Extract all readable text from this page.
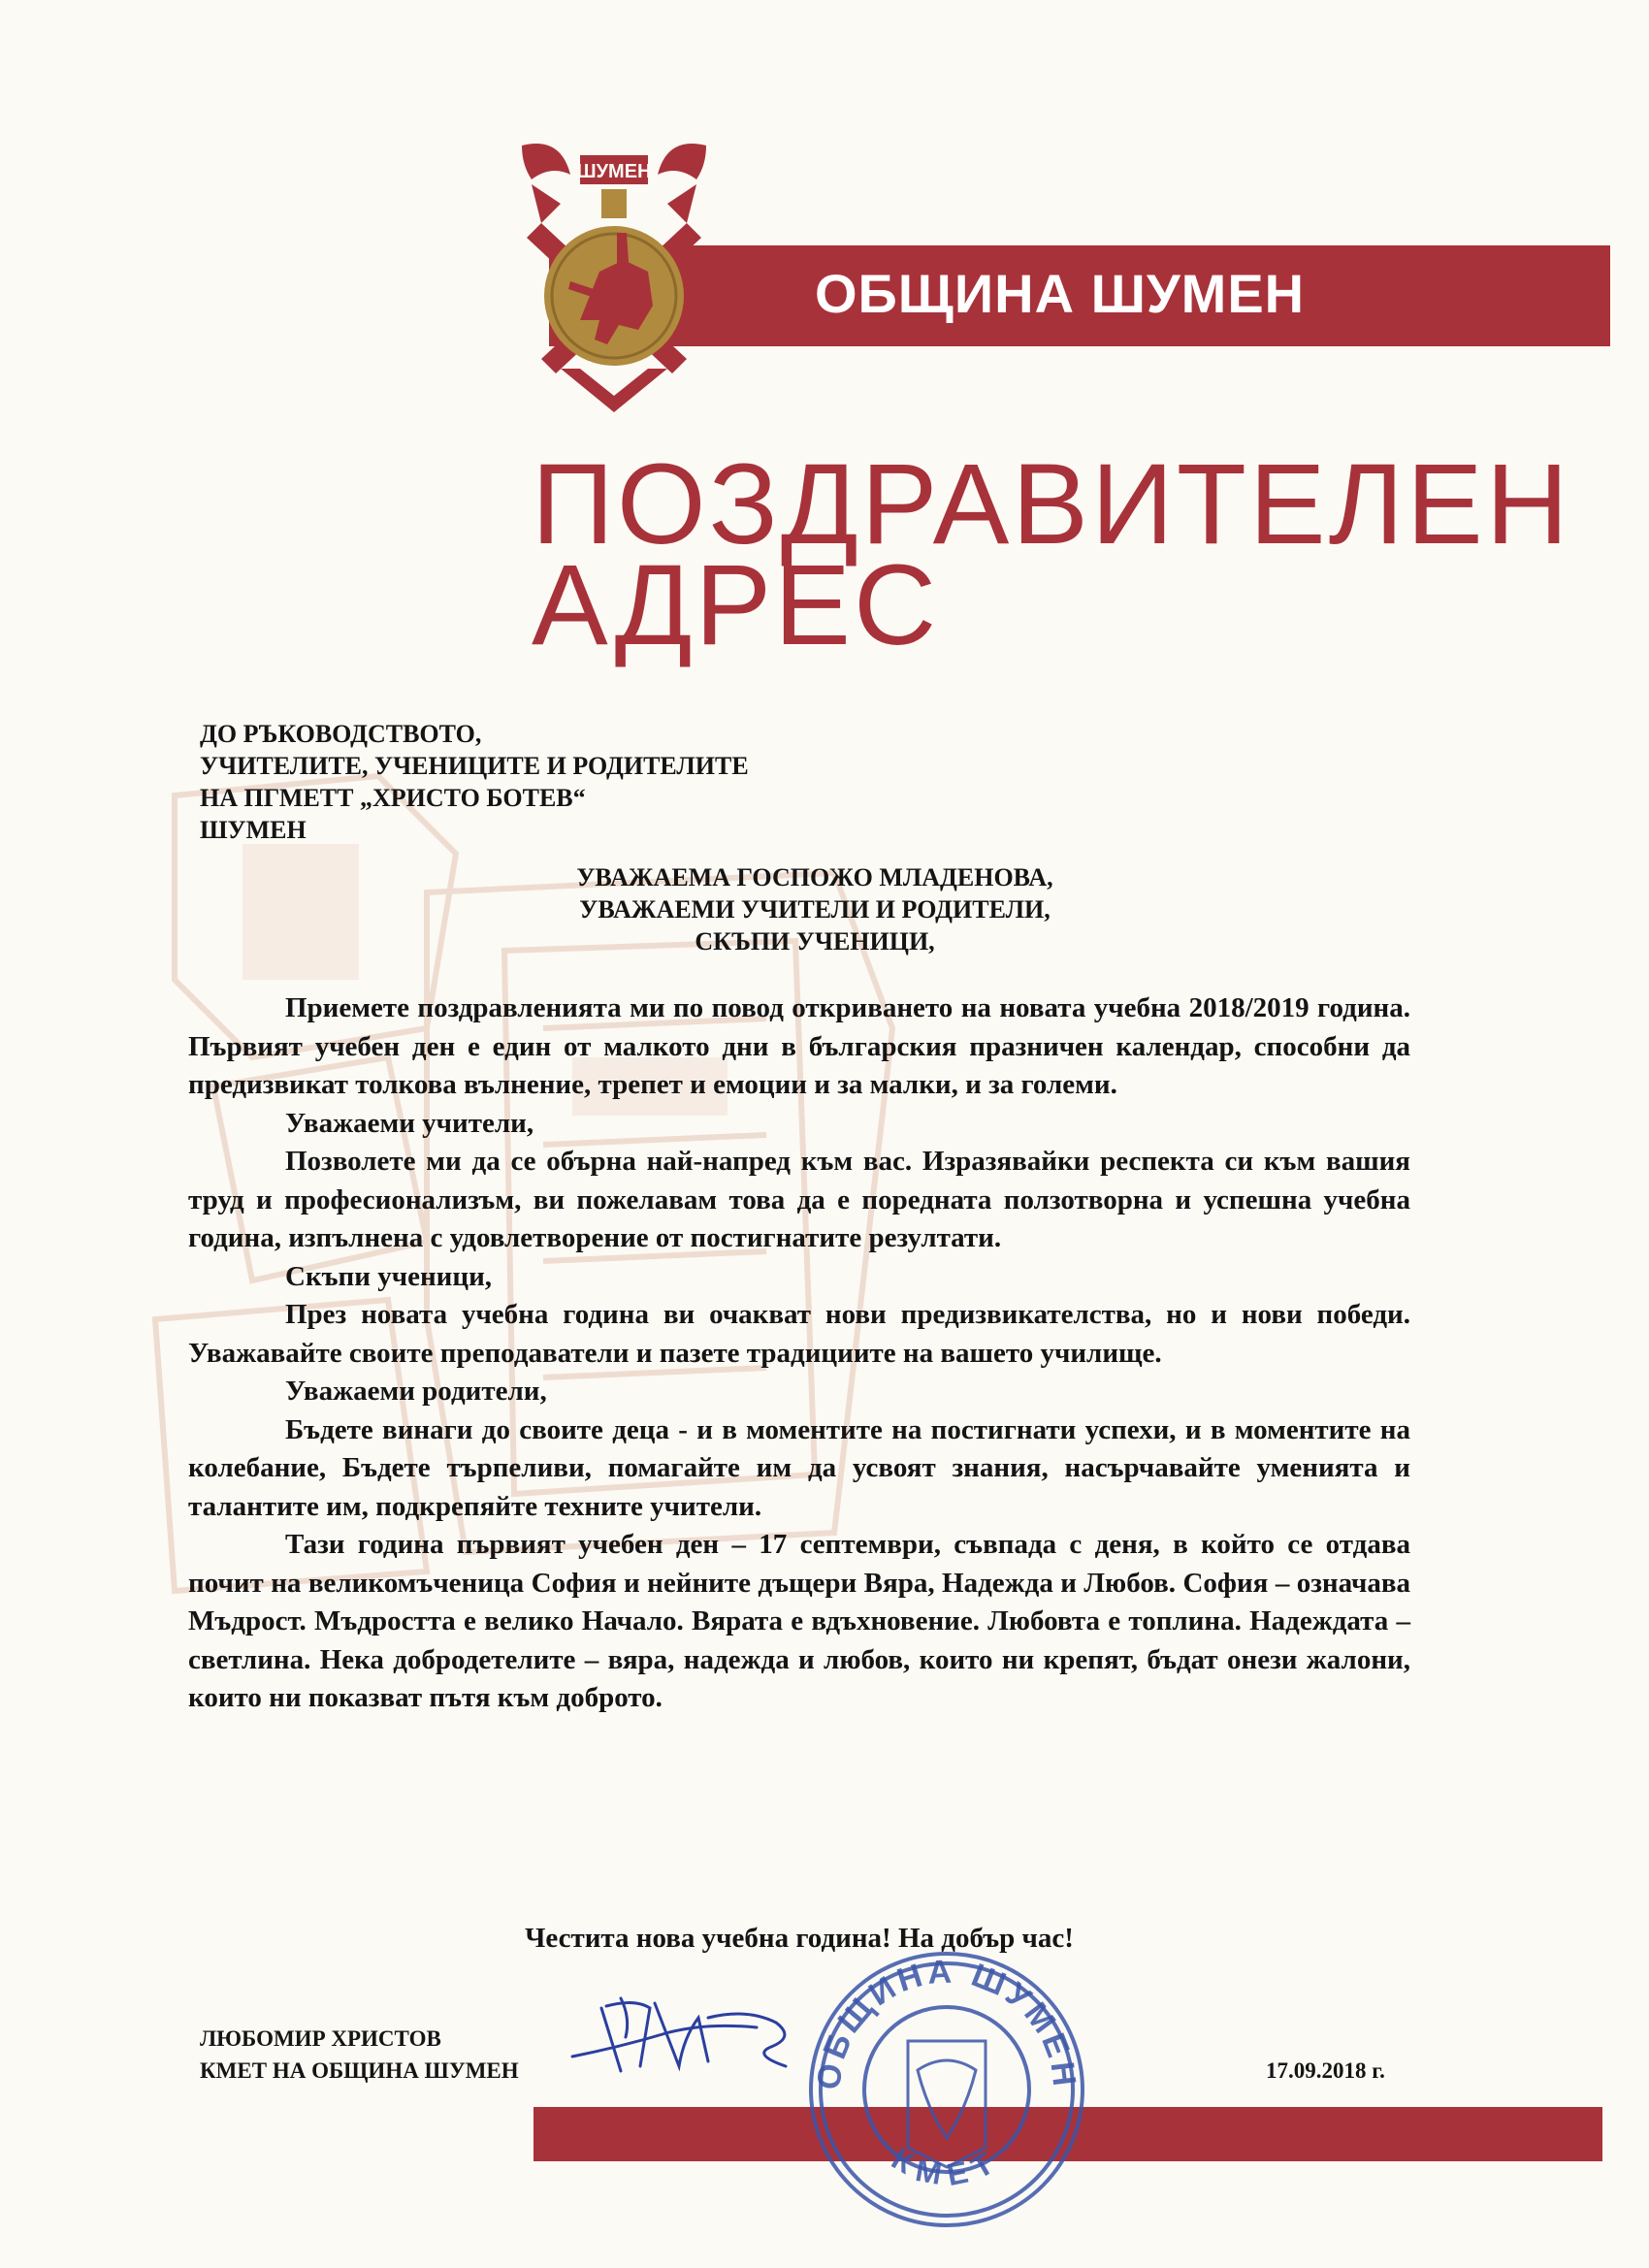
ОБЩИНА ШУМЕН
ШУМЕН
ПОЗДРАВИТЕЛЕН
АДРЕС
ДО РЪКОВОДСТВОТО,
УЧИТЕЛИТЕ, УЧЕНИЦИТЕ И РОДИТЕЛИТЕ
НА ПГМЕТТ „ХРИСТО БОТЕВ“
ШУМЕН
УВАЖАЕМА ГОСПОЖО МЛАДЕНОВА,
УВАЖАЕМИ УЧИТЕЛИ И РОДИТЕЛИ,
СКЪПИ УЧЕНИЦИ,

Приемете поздравленията ми по повод откриването на новата учебна 2018/2019 година. Първият учебен ден е един от малкото дни в българския празничен календар, способни да предизвикат толкова вълнение, трепет и емоции и за малки, и за големи.

Уважаеми учители,

Позволете ми да се обърна най-напред към вас. Изразявайки респекта си към вашия труд и професионализъм, ви пожелавам това да е поредната ползотворна и успешна учебна година, изпълнена с удовлетворение от постигнатите резултати.

Скъпи ученици,

През новата учебна година ви очакват нови предизвикателства, но и нови победи. Уважавайте своите преподаватели и пазете традициите на вашето училище.

Уважаеми родители,

Бъдете винаги до своите деца - и в моментите на постигнати успехи, и в моментите на колебание, Бъдете търпеливи, помагайте им да усвоят знания, насърчавайте уменията и талантите им, подкрепяйте техните учители.

Тази година първият учебен ден – 17 септември, съвпада с деня, в който се отдава почит на великомъченица София и нейните дъщери Вяра, Надежда и Любов. София – означава Мъдрост. Мъдростта е велико Начало. Вярата е вдъхновение. Любовта е топлина. Надеждата – светлина. Нека добродетелите – вяра, надежда и любов, които ни крепят, бъдат онези жалони, които ни показват пътя към доброто.

Честита нова учебна година! На добър час!
ЛЮБОМИР ХРИСТОВ
КМЕТ НА ОБЩИНА ШУМЕН	17.09.2018 г.
ОБЩИНА ШУМЕН
КМЕТ
